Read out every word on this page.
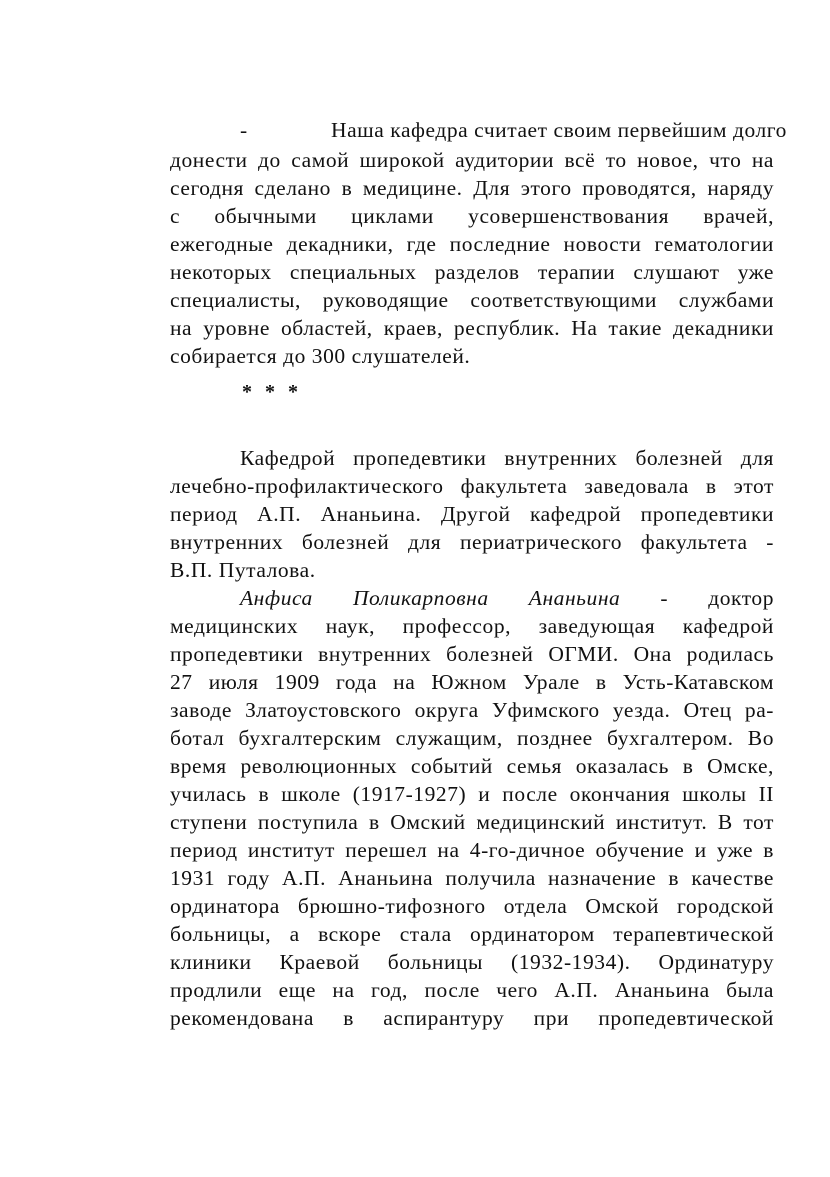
-	Наша кафедра считает своим первейшим долго
донести до самой широкой аудитории всё то новое, что на
сегодня сделано в медицине. Для этого проводятся, наряду
с обычными циклами усовершенствования врачей,
ежегодные декадники, где последние новости гематологии
некоторых специальных разделов терапии слушают уже
специалисты, руководящие соответствующими службами
на уровне областей, краев, республик. На такие декадники
собирается до 300 слушателей.
* * *
Кафедрой пропедевтики внутренних болезней для
лечебно-профилактического факультета заведовала в этот
период А.П. Ананьина. Другой кафедрой пропедевтики
внутренних болезней для периатрического факультета -
В.П. Путалова.
Анфиса Поликарповна Ананьина - доктор
медицинских наук, профессор, заведующая кафедрой
пропедевтики внутренних болезней ОГМИ. Она родилась
27 июля 1909 года на Южном Урале в Усть-Катавском
заводе Златоустовского округа Уфимского уезда. Отец ра-
ботал бухгалтерским служащим, позднее бухгалтером. Во
время революционных событий семья оказалась в Омске,
училась в школе (1917-1927) и после окончания школы II
ступени поступила в Омский медицинский институт. В тот
период институт перешел на 4-го-дичное обучение и уже в
1931 году А.П. Ананьина получила назначение в качестве
ординатора брюшно-тифозного отдела Омской городской
больницы, а вскоре стала ординатором терапевтической
клиники Краевой больницы (1932-1934). Ординатуру
продлили еще на год, после чего А.П. Ананьина была
рекомендована в аспирантуру при пропедевтической
